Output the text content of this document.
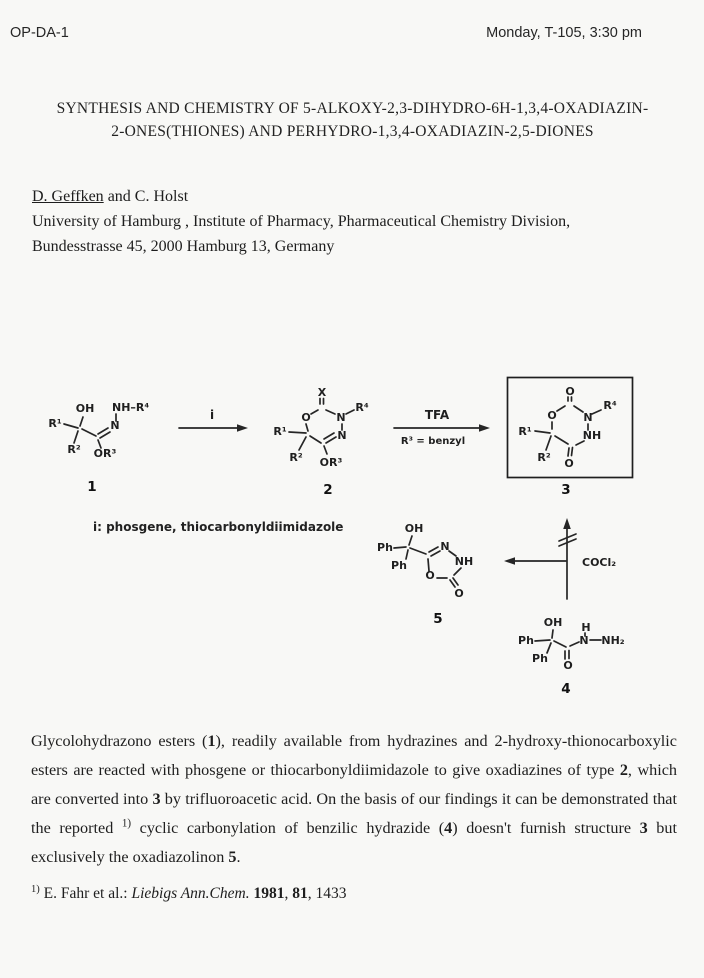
OP-DA-1	Monday, T-105, 3:30 pm
SYNTHESIS AND CHEMISTRY OF 5-ALKOXY-2,3-DIHYDRO-6H-1,3,4-OXADIAZIN-
2-ONES(THIONES) AND PERHYDRO-1,3,4-OXADIAZIN-2,5-DIONES
D. Geffken and C. Holst
University of Hamburg , Institute of Pharmacy, Pharmaceutical Chemistry Division,
Bundesstrasse 45, 2000 Hamburg 13, Germany
R¹
OH
R²
N
NH–R⁴
OR³
1
i
X
O N
R⁴
N
R¹
R² OR³
2
TFA
R³ = benzyl
O
O
N
R⁴
NH
O
R¹
R²
3
i: phosgene, thiocarbonyldiimidazole	OH
Ph
Ph
N
NH
O
O
5
COCl₂
OH
Ph
Ph
H
N NH₂
O
4
Glycolohydrazono esters (1), readily available from hydrazines and 2-hydroxy-thionocarboxylic esters are reacted with phosgene or thiocarbonyldiimidazole to give oxadiazines of type 2, which are converted into 3 by trifluoroacetic acid. On the basis of our findings it can be demonstrated that the reported $^{1)}$ cyclic carbonylation of benzilic hydrazide (4) doesn't furnish structure 3 but exclusively the oxadiazolinon 5.
$^{1)}$ E. Fahr et al.: Liebigs Ann.Chem. 1981, 81, 1433
